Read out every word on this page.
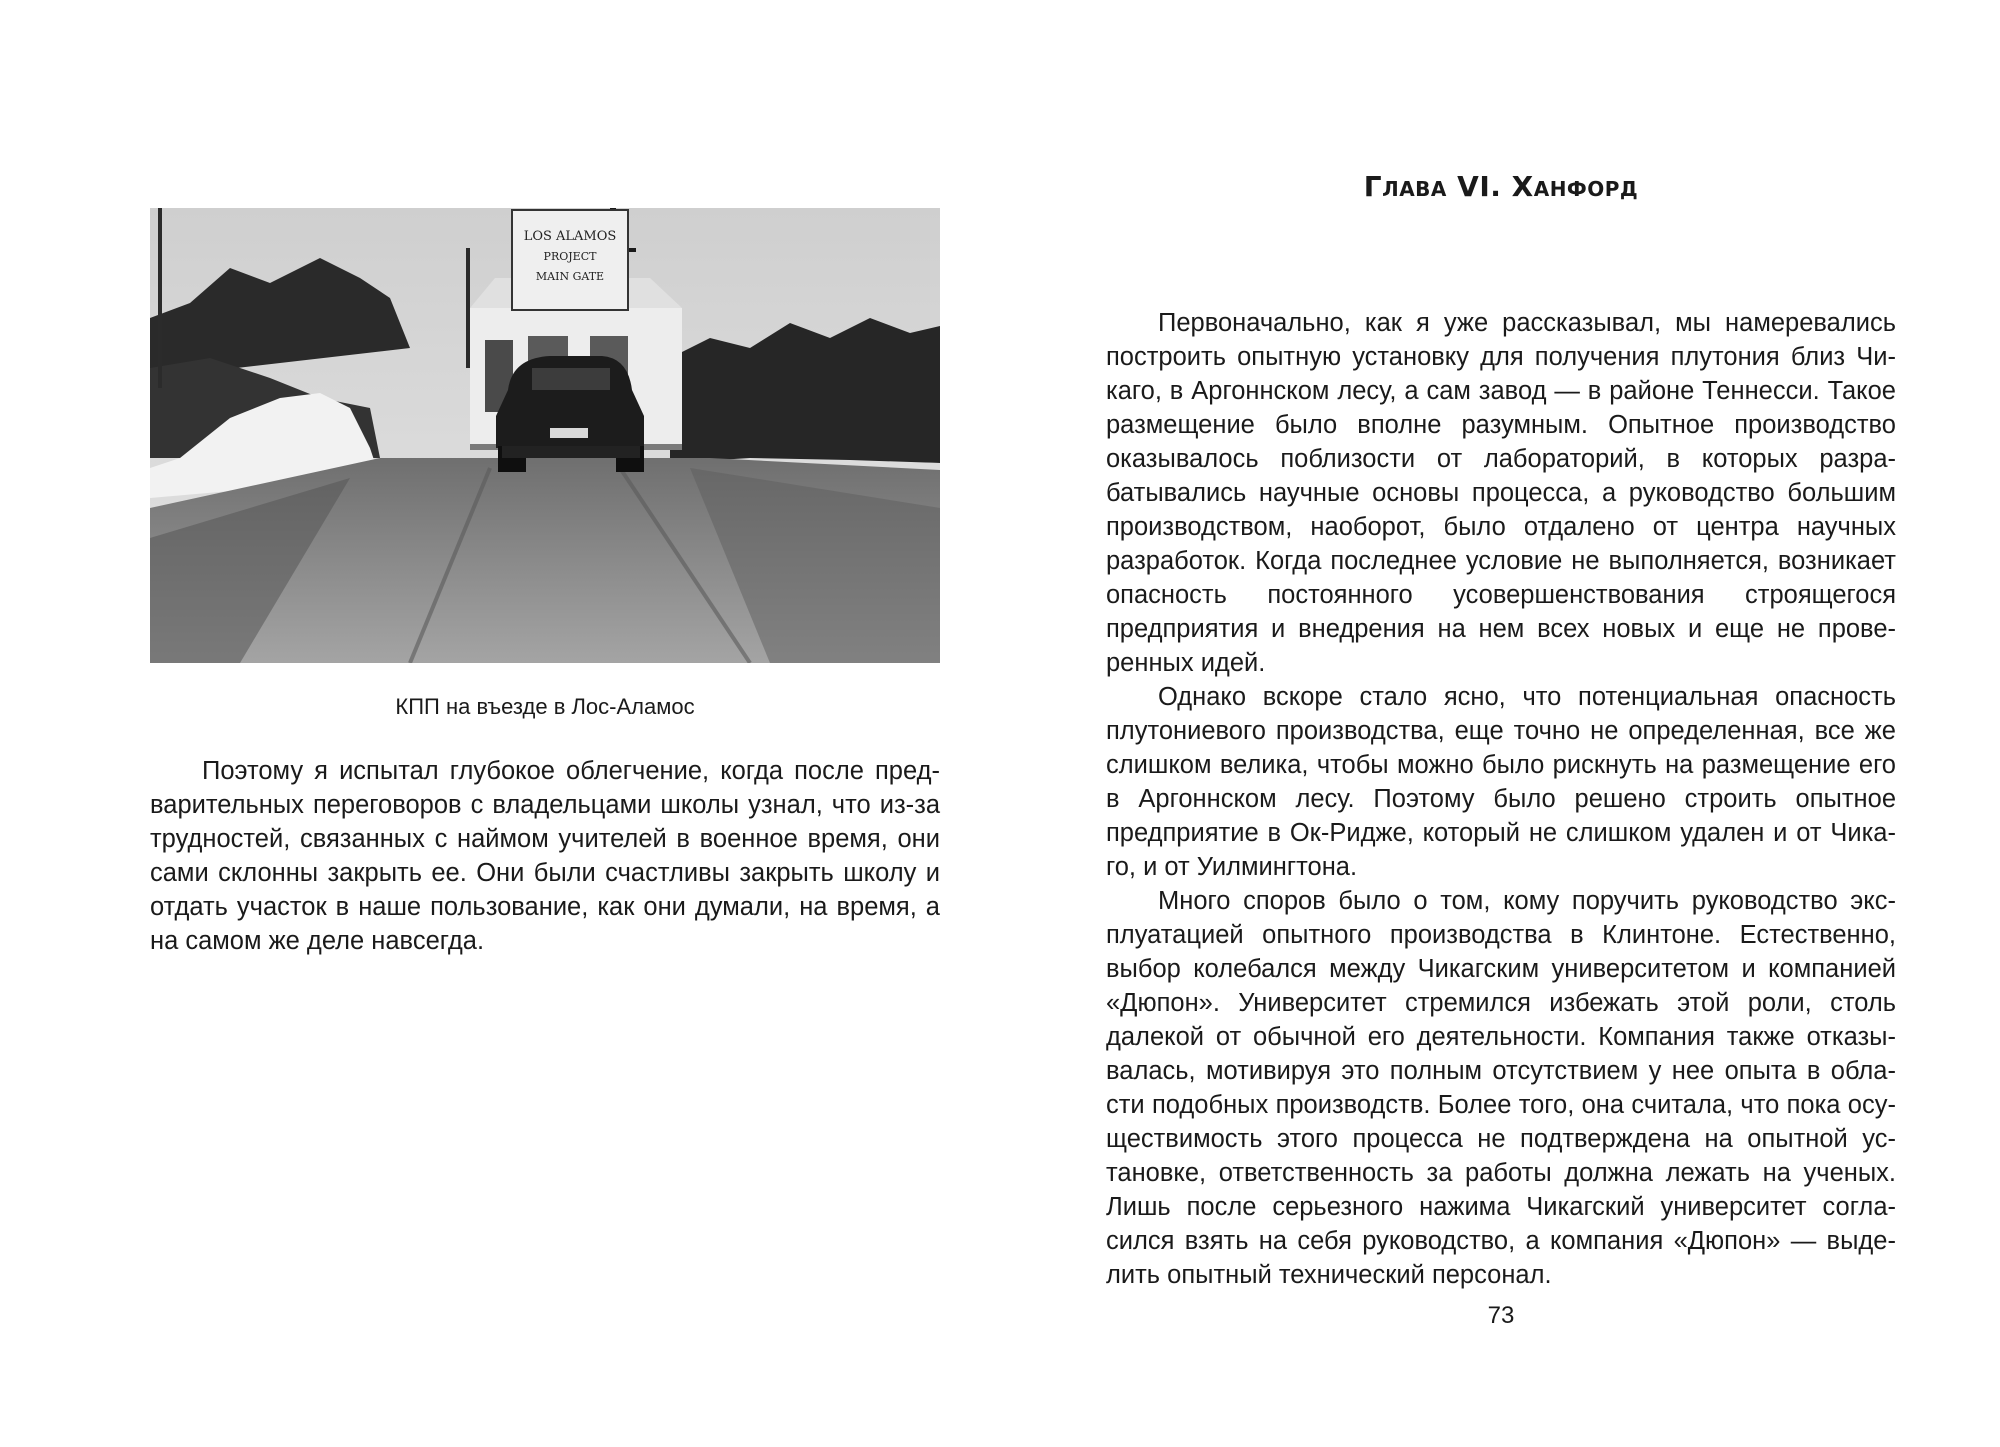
LOS ALAMOS
PROJECT
MAIN GATE
КПП на въезде в Лос-Аламос

Поэтому я испытал глубокое облегчение, когда после предварительных переговоров с владельцами школы узнал, что из-за трудностей, связанных с наймом учителей в военное время, они сами склонны закрыть ее. Они были счастливы закрыть школу и отдать участок в наше пользование, как они думали, на время, а на самом же деле навсегда.

Глава VI. Ханфорд

Первоначально, как я уже рассказывал, мы намеревались построить опытную установку для получения плутония близ Чикаго, в Аргоннском лесу, а сам завод — в районе Теннесси. Такое размещение было вполне разумным. Опытное производство оказывалось поблизости от лабораторий, в которых разрабатывались научные основы процесса, а руководство большим производством, наоборот, было отдалено от центра научных разработок. Когда последнее условие не выполняется, возникает опасность постоянного усовершенствования строящегося предприятия и внедрения на нем всех новых и еще не проверенных идей.

Однако вскоре стало ясно, что потенциальная опасность плутониевого производства, еще точно не определенная, все же слишком велика, чтобы можно было рискнуть на размещение его в Аргоннском лесу. Поэтому было решено строить опытное предприятие в Ок-Ридже, который не слишком удален и от Чикаго, и от Уилмингтона.

Много споров было о том, кому поручить руководство эксплуатацией опытного производства в Клинтоне. Естественно, выбор колебался между Чикагским университетом и компанией «Дюпон». Университет стремился избежать этой роли, столь далекой от обычной его деятельности. Компания также отказывалась, мотивируя это полным отсутствием у нее опыта в области подобных производств. Более того, она считала, что пока осуществимость этого процесса не подтверждена на опытной установке, ответственность за работы должна лежать на ученых. Лишь после серьезного нажима Чикагский университет согласился взять на себя руководство, а компания «Дюпон» — выделить опытный технический персонал.

73
